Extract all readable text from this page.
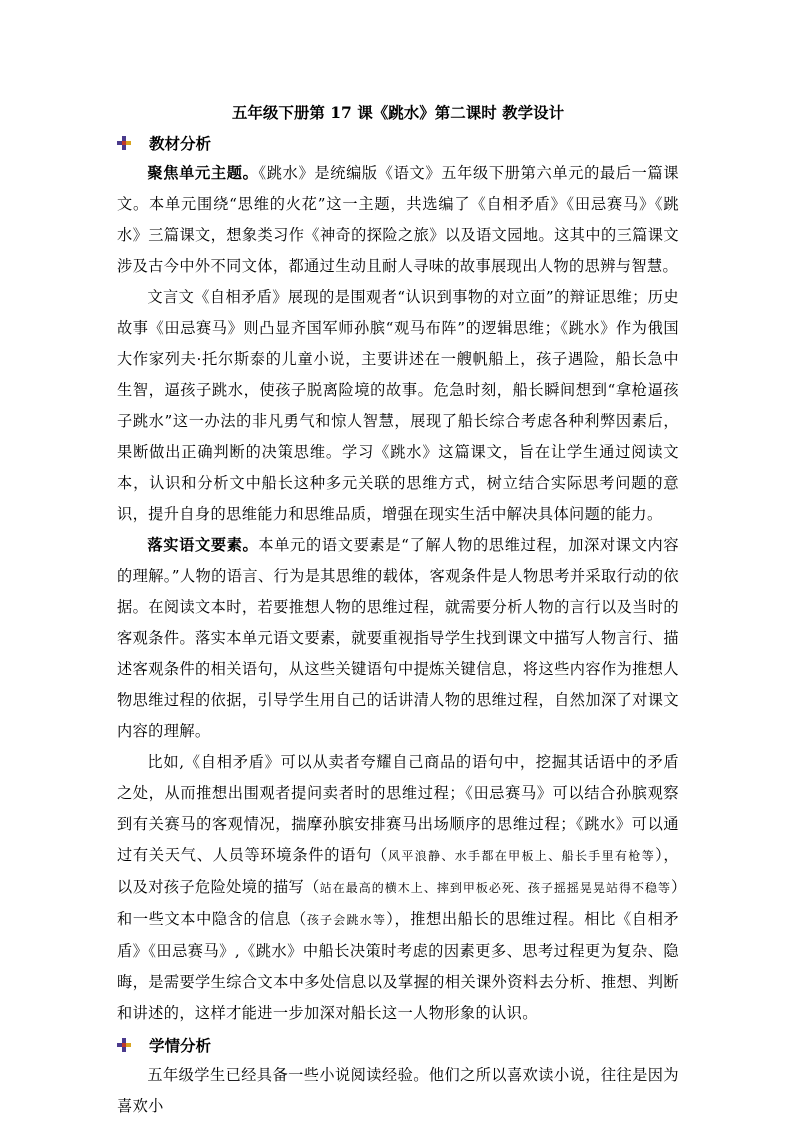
五年级下册第 17 课《跳水》第二课时 教学设计
教材分析

聚焦单元主题。《跳水》是统编版《语文》五年级下册第六单元的最后一篇课文。本单元围绕“思维的火花”这一主题，共选编了《自相矛盾》《田忌赛马》《跳水》三篇课文，想象类习作《神奇的探险之旅》以及语文园地。这其中的三篇课文涉及古今中外不同文体，都通过生动且耐人寻味的故事展现出人物的思辨与智慧。

文言文《自相矛盾》展现的是围观者“认识到事物的对立面”的辩证思维；历史故事《田忌赛马》则凸显齐国军师孙膑“观马布阵”的逻辑思维；《跳水》作为俄国大作家列夫·托尔斯泰的儿童小说，主要讲述在一艘帆船上，孩子遇险，船长急中生智，逼孩子跳水，使孩子脱离险境的故事。危急时刻，船长瞬间想到“拿枪逼孩子跳水”这一办法的非凡勇气和惊人智慧，展现了船长综合考虑各种利弊因素后，果断做出正确判断的决策思维。学习《跳水》这篇课文，旨在让学生通过阅读文本，认识和分析文中船长这种多元关联的思维方式，树立结合实际思考问题的意识，提升自身的思维能力和思维品质，增强在现实生活中解决具体问题的能力。

落实语文要素。本单元的语文要素是“了解人物的思维过程，加深对课文内容的理解。”人物的语言、行为是其思维的载体，客观条件是人物思考并采取行动的依据。在阅读文本时，若要推想人物的思维过程，就需要分析人物的言行以及当时的客观条件。落实本单元语文要素，就要重视指导学生找到课文中描写人物言行、描述客观条件的相关语句，从这些关键语句中提炼关键信息，将这些内容作为推想人物思维过程的依据，引导学生用自己的话讲清人物的思维过程，自然加深了对课文内容的理解。

比如,《自相矛盾》可以从卖者夸耀自己商品的语句中，挖掘其话语中的矛盾之处，从而推想出围观者提问卖者时的思维过程；《田忌赛马》可以结合孙膑观察到有关赛马的客观情况，揣摩孙膑安排赛马出场顺序的思维过程；《跳水》可以通过有关天气、人员等环境条件的语句（风平浪静、水手都在甲板上、船长手里有枪等），以及对孩子危险处境的描写（站在最高的横木上、摔到甲板必死、孩子摇摇晃晃站得不稳等）和一些文本中隐含的信息（孩子会跳水等），推想出船长的思维过程。相比《自相矛盾》《田忌赛马》,《跳水》中船长决策时考虑的因素更多、思考过程更为复杂、隐晦，是需要学生综合文本中多处信息以及掌握的相关课外资料去分析、推想、判断和讲述的，这样才能进一步加深对船长这一人物形象的认识。

学情分析

五年级学生已经具备一些小说阅读经验。他们之所以喜欢读小说，往往是因为喜欢小
